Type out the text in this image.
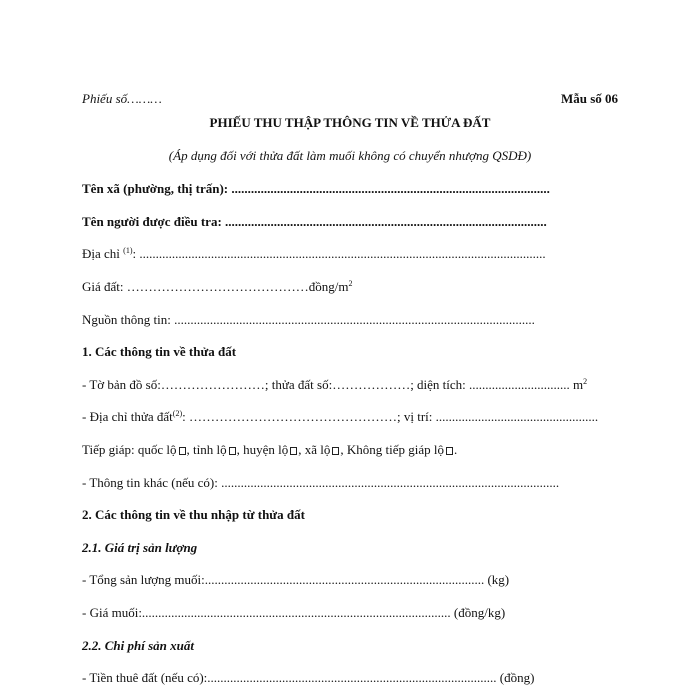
Phiếu số………	Mẫu số 06
PHIẾU THU THẬP THÔNG TIN VỀ THỬA ĐẤT
(Áp dụng đối với thửa đất làm muối không có chuyển nhượng QSDĐ)
Tên xã (phường, thị trấn): ..................................................................................................
Tên người được điều tra: ...................................................................................................
Địa chỉ $^{(1)}$: .............................................................................................................................
Giá đất: $\dots\dots\dots\dots\dots\dots\dots\dots\dots\dots\dots\dots\dots\dots đồng/m^2$
Nguồn thông tin: ...............................................................................................................
1. Các thông tin về thửa đất
- Tờ bản đồ số:……………………; thửa đất số:………………; diện tích: ............................... $m^2$
- Địa chỉ thửa đất$^{(2)}$: …………………………………………; vị trí: ..................................................
Tiếp giáp: quốc lộ , tỉnh lộ , huyện lộ , xã lộ , Không tiếp giáp lộ .
- Thông tin khác (nếu có): ........................................................................................................
2. Các thông tin về thu nhập từ thửa đất
2.1. Giá trị sản lượng
- Tổng sản lượng muối:...................................................................................... (kg)
- Giá muối:............................................................................................... (đồng/kg)
2.2. Chi phí sản xuất
- Tiền thuê đất (nếu có):......................................................................................... (đồng)
